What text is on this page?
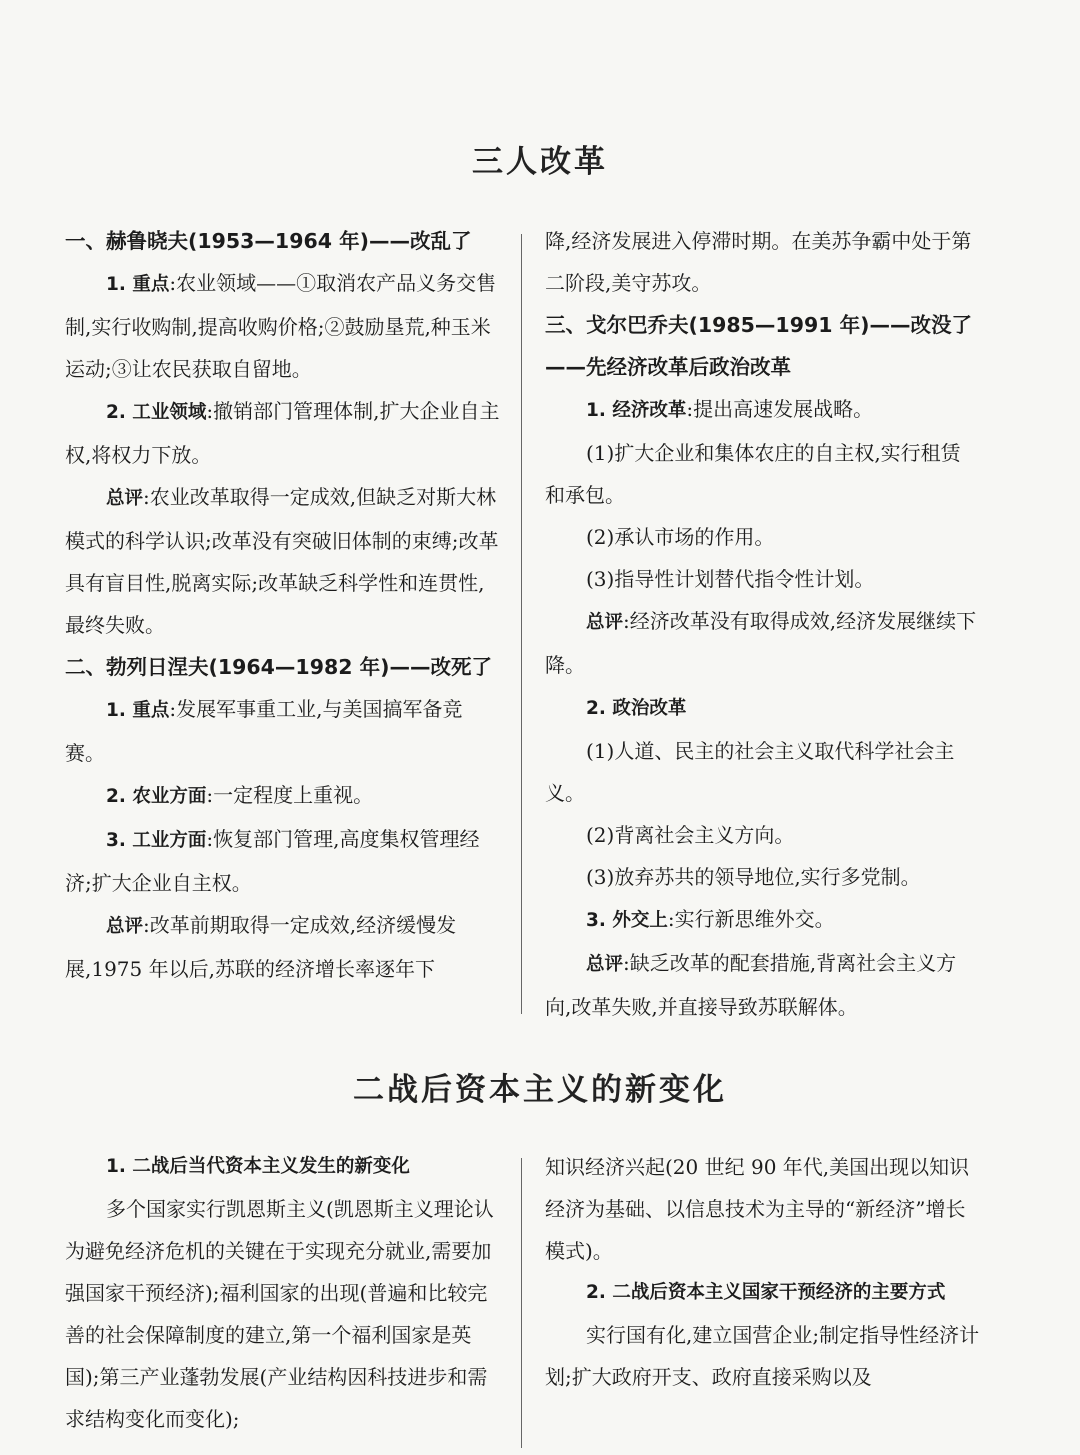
三人改革

一、赫鲁晓夫(1953—1964 年)——改乱了

1. 重点:农业领域——①取消农产品义务交售制,实行收购制,提高收购价格;②鼓励垦荒,种玉米运动;③让农民获取自留地。

2. 工业领域:撤销部门管理体制,扩大企业自主权,将权力下放。

总评:农业改革取得一定成效,但缺乏对斯大林模式的科学认识;改革没有突破旧体制的束缚;改革具有盲目性,脱离实际;改革缺乏科学性和连贯性,最终失败。

二、勃列日涅夫(1964—1982 年)——改死了

1. 重点:发展军事重工业,与美国搞军备竞赛。

2. 农业方面:一定程度上重视。

3. 工业方面:恢复部门管理,高度集权管理经济;扩大企业自主权。

总评:改革前期取得一定成效,经济缓慢发展,1975 年以后,苏联的经济增长率逐年下

降,经济发展进入停滞时期。在美苏争霸中处于第二阶段,美守苏攻。

三、戈尔巴乔夫(1985—1991 年)——改没了——先经济改革后政治改革

1. 经济改革:提出高速发展战略。

(1)扩大企业和集体农庄的自主权,实行租赁和承包。

(2)承认市场的作用。

(3)指导性计划替代指令性计划。

总评:经济改革没有取得成效,经济发展继续下降。

2. 政治改革

(1)人道、民主的社会主义取代科学社会主义。

(2)背离社会主义方向。

(3)放弃苏共的领导地位,实行多党制。

3. 外交上:实行新思维外交。

总评:缺乏改革的配套措施,背离社会主义方向,改革失败,并直接导致苏联解体。

二战后资本主义的新变化

1. 二战后当代资本主义发生的新变化

多个国家实行凯恩斯主义(凯恩斯主义理论认为避免经济危机的关键在于实现充分就业,需要加强国家干预经济);福利国家的出现(普遍和比较完善的社会保障制度的建立,第一个福利国家是英国);第三产业蓬勃发展(产业结构因科技进步和需求结构变化而变化);

知识经济兴起(20 世纪 90 年代,美国出现以知识经济为基础、以信息技术为主导的“新经济”增长模式)。

2. 二战后资本主义国家干预经济的主要方式

实行国有化,建立国营企业;制定指导性经济计划;扩大政府开支、政府直接采购以及
